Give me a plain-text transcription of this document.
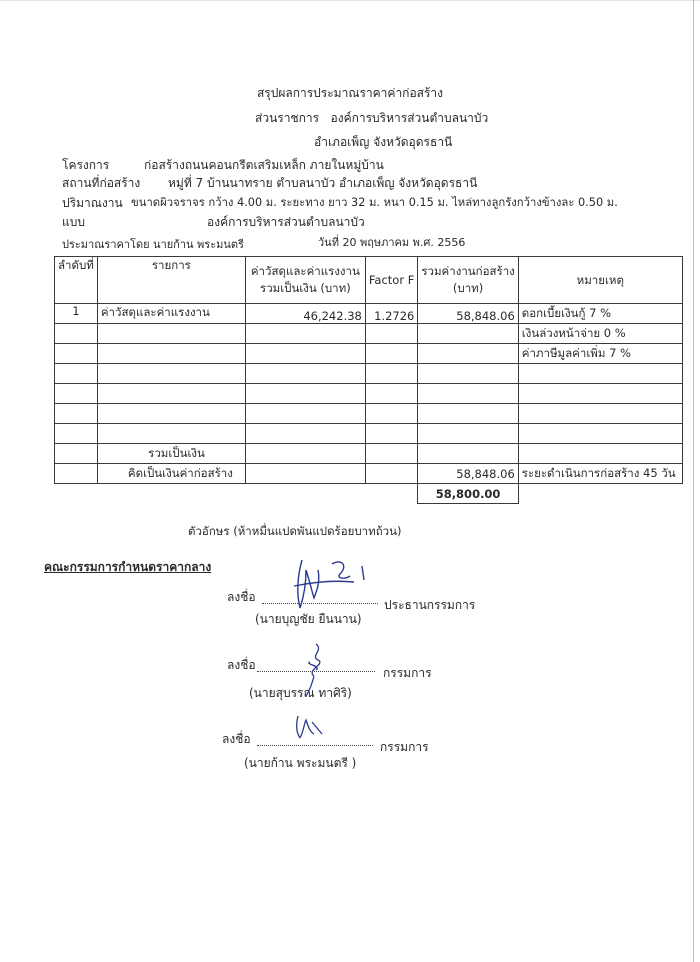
สรุปผลการประมาณราคาค่าก่อสร้าง
ส่วนราชการ องค์การบริหารส่วนตำบลนาบัว
อำเภอเพ็ญ จังหวัดอุดรธานี
โครงการ	ก่อสร้างถนนคอนกรีตเสริมเหล็ก ภายในหมู่บ้าน
สถานที่ก่อสร้าง หมู่ที่ 7 บ้านนาทราย ตำบลนาบัว อำเภอเพ็ญ จังหวัดอุดรธานี
ปริมาณงาน ขนาดผิวจราจร กว้าง 4.00 ม. ระยะทาง ยาว 32 ม. หนา 0.15 ม. ไหล่ทางลูกรังกว้างข้างละ 0.50 ม.
แบบ	องค์การบริหารส่วนตำบลนาบัว
ประมาณราคาโดย นายก้าน พระมนตรี	วันที่ 20 พฤษภาคม พ.ศ. 2556
ลำดับที่	รายการ	ค่าวัสดุและค่าแรงงาน
รวมเป็นเงิน (บาท)	Factor F	รวมค่างานก่อสร้าง
(บาท)	หมายเหตุ
1	ค่าวัสดุและค่าแรงงาน	46,242.38	1.2726	58,848.06	ดอกเบี้ยเงินกู้ 7 %
					เงินล่วงหน้าจ่าย 0 %
					ค่าภาษีมูลค่าเพิ่ม 7 %

	รวมเป็นเงิน				
	คิดเป็นเงินค่าก่อสร้าง			58,848.06	ระยะดำเนินการก่อสร้าง 45 วัน
				58,800.00	
ตัวอักษร (ห้าหมื่นแปดพันแปดร้อยบาทถ้วน)
คณะกรรมการกำหนดราคากลาง
ลงชื่อ
ประธานกรรมการ
(นายบุญชัย ยืนนาน)
ลงชื่อ
กรรมการ
(นายสุบรรณ ทาศิริ)
ลงชื่อ
กรรมการ
(นายก้าน พระมนตรี )
